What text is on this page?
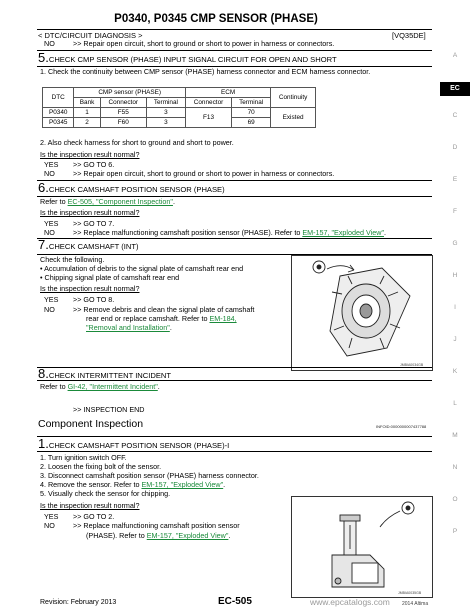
P0340, P0345 CMP SENSOR (PHASE)
< DTC/CIRCUIT DIAGNOSIS >	[VQ35DE]
NO	>> Repair open circuit, short to ground or short to power in harness or connectors.
5.CHECK CMP SENSOR (PHASE) INPUT SIGNAL CIRCUIT FOR OPEN AND SHORT
1. Check the continuity between CMP sensor (PHASE) harness connector and ECM harness connector.
DTC	CMP sensor (PHASE)			ECM		Continuity
	Bank	Connector	Terminal	Connector	Terminal	
P0340	1	F55	3	F13	70	Existed
P0345	2	F60	3		69	
2. Also check harness for short to ground and short to power.
Is the inspection result normal?
YES >> GO TO 6.
NO	>> Repair open circuit, short to ground or short to power in harness or connectors.
6.CHECK CAMSHAFT POSITION SENSOR (PHASE)
Refer to EC-505, "Component Inspection".
Is the inspection result normal?
YES >> GO TO 7.
NO	>> Replace malfunctioning camshaft position sensor (PHASE). Refer to EM-157, "Exploded View".
7.CHECK CAMSHAFT (INT)
Check the following.
• Accumulation of debris to the signal plate of camshaft rear end
• Chipping signal plate of camshaft rear end
Is the inspection result normal?
YES >> GO TO 8.
NO	>> Remove debris and clean the signal plate of camshaft
rear end or replace camshaft. Refer to EM-184,
"Removal and Installation".
JMBIA0034GB
8.CHECK INTERMITTENT INCIDENT
Refer to GI-42, "Intermittent Incident".
>> INSPECTION END
Component Inspection	INFOID:0000000007437788
1.CHECK CAMSHAFT POSITION SENSOR (PHASE)-I
1. Turn ignition switch OFF.
2. Loosen the fixing bolt of the sensor.
3. Disconnect camshaft position sensor (PHASE) harness connector.
4. Remove the sensor. Refer to EM-157, "Exploded View".
5. Visually check the sensor for chipping.
Is the inspection result normal?
YES >> GO TO 2.
NO	>> Replace malfunctioning camshaft position sensor
(PHASE). Refer to EM-157, "Exploded View".
JMBIA0035GB
Revision: February 2013	EC-505	www.epcatalogs.com 2014 Altima
A
EC
C
D
E
F
G
H
I
J
K
L
M
N
O
P
